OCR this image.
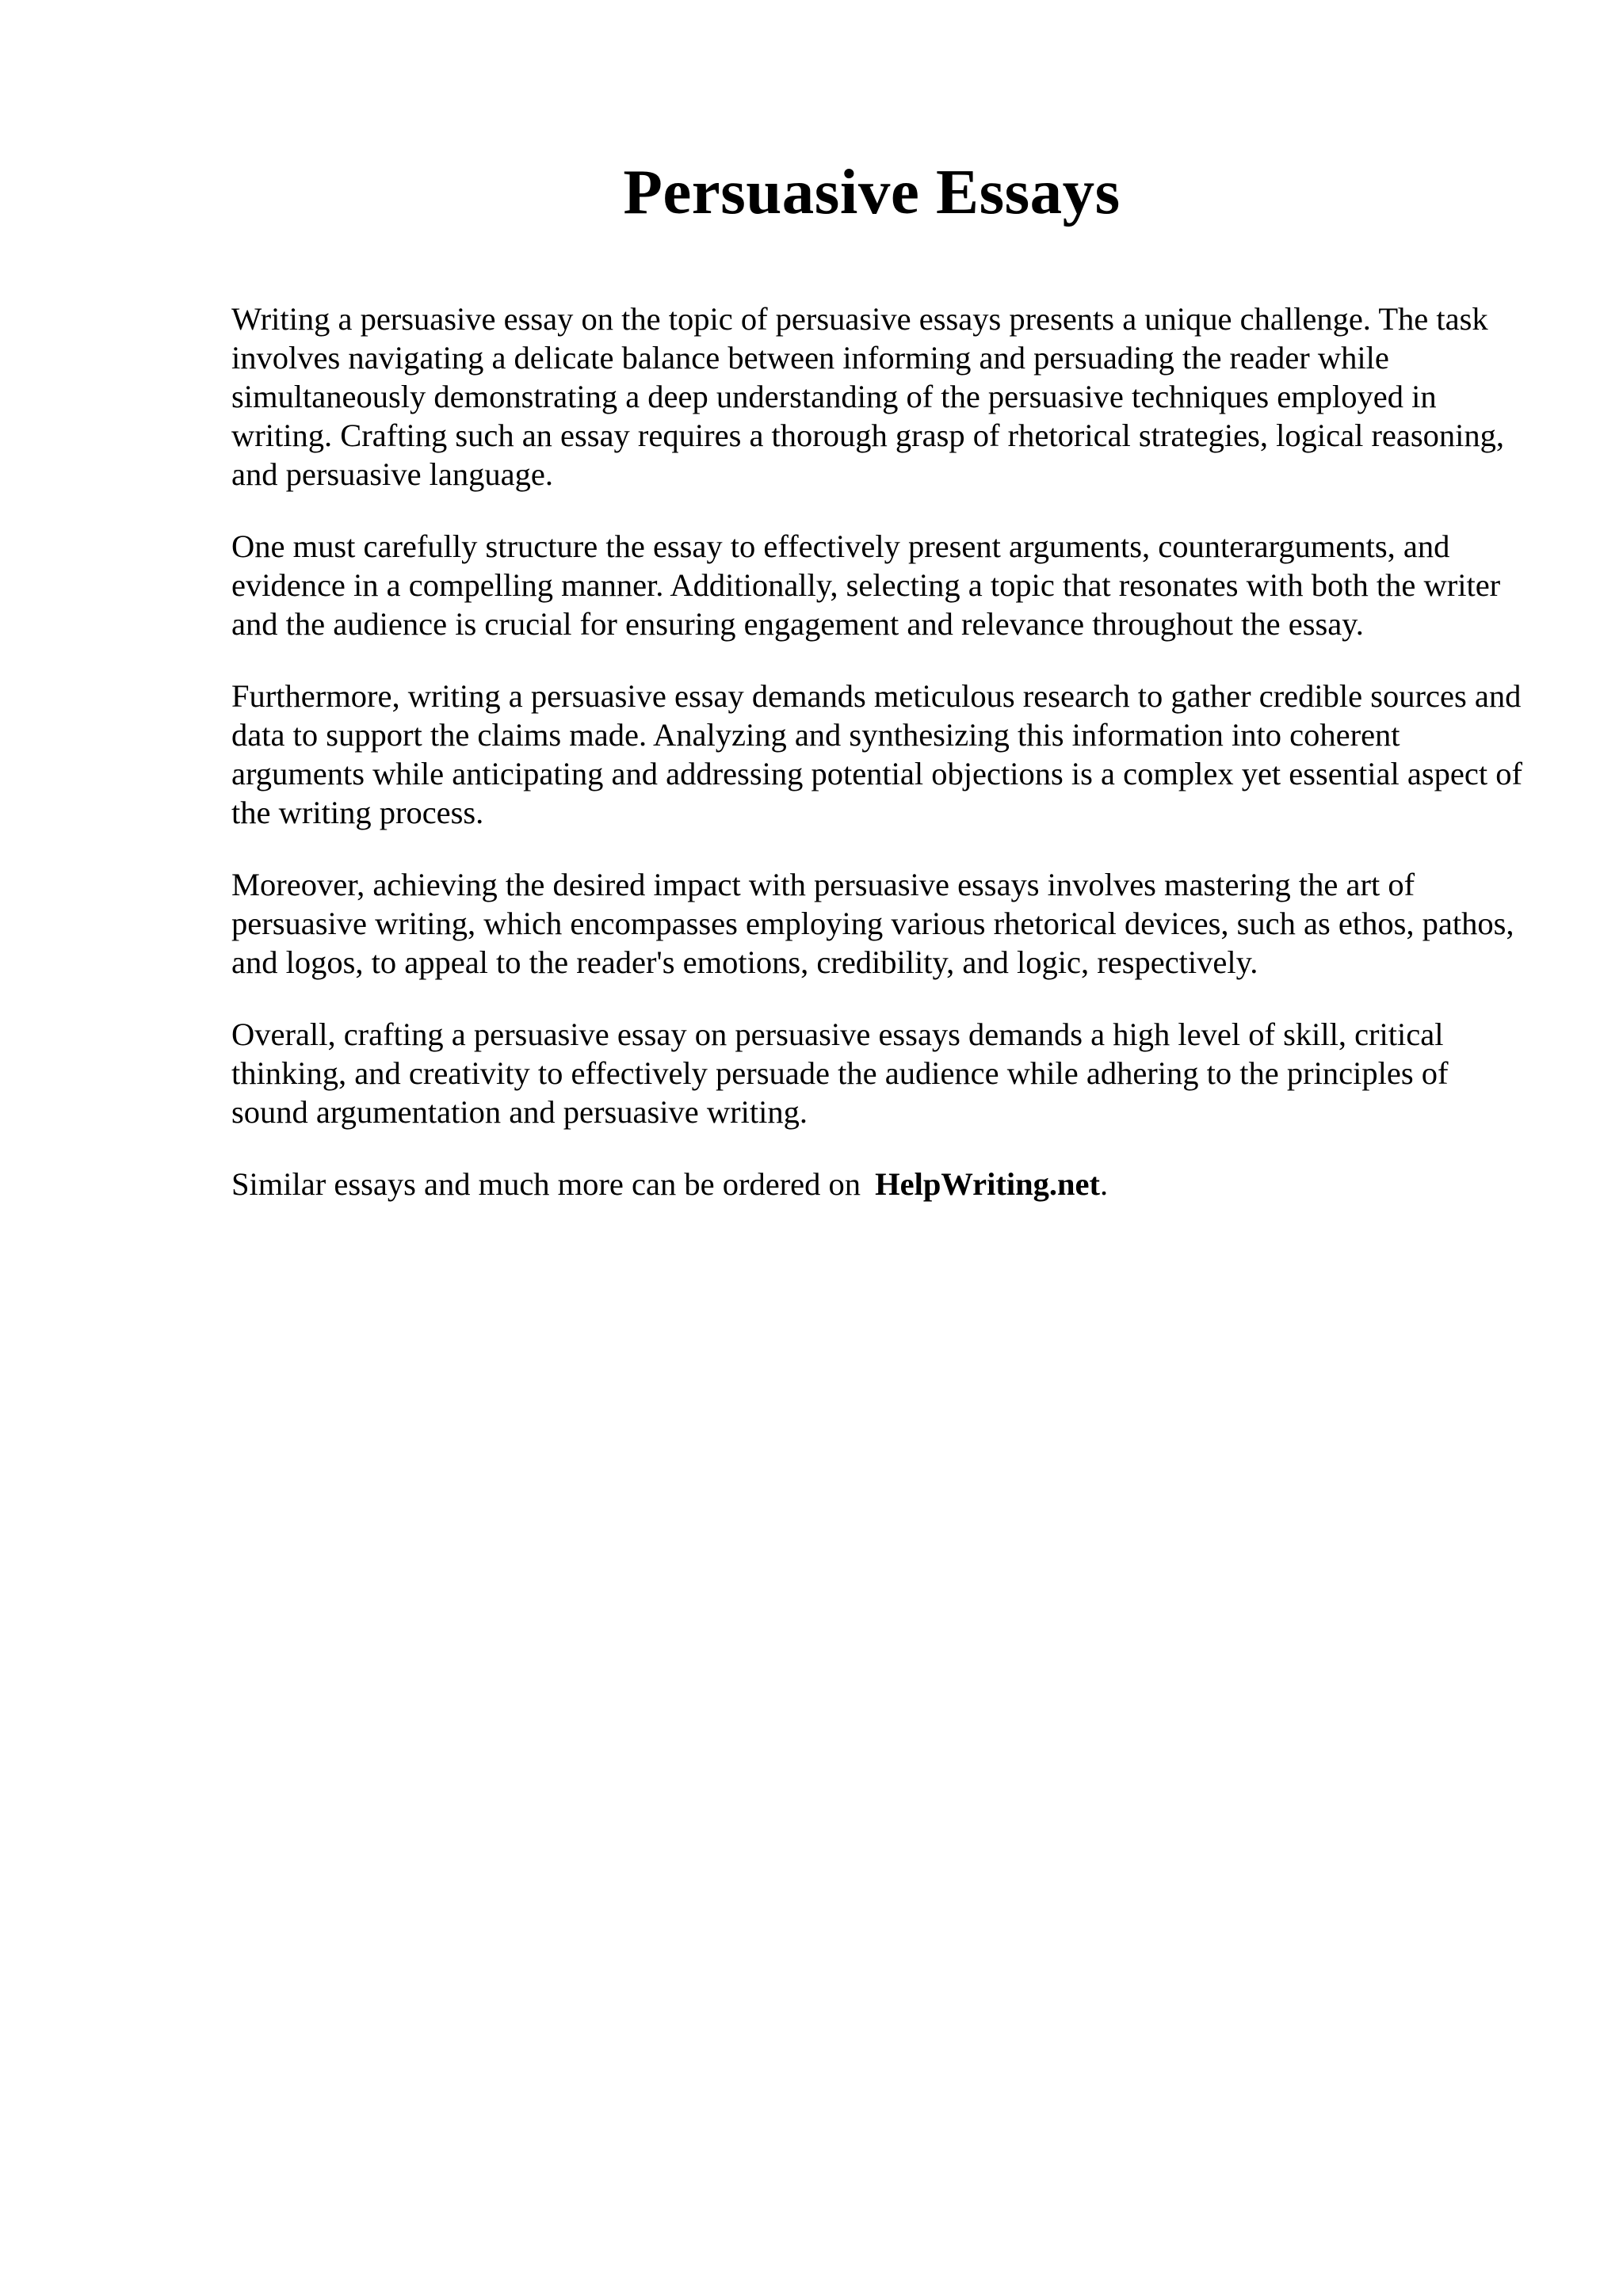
Persuasive Essays

Writing a persuasive essay on the topic of persuasive essays presents a unique challenge. The task involves navigating a delicate balance between informing and persuading the reader while simultaneously demonstrating a deep understanding of the persuasive techniques employed in writing. Crafting such an essay requires a thorough grasp of rhetorical strategies, logical reasoning, and persuasive language.

One must carefully structure the essay to effectively present arguments, counterarguments, and evidence in a compelling manner. Additionally, selecting a topic that resonates with both the writer and the audience is crucial for ensuring engagement and relevance throughout the essay.

Furthermore, writing a persuasive essay demands meticulous research to gather credible sources and data to support the claims made. Analyzing and synthesizing this information into coherent arguments while anticipating and addressing potential objections is a complex yet essential aspect of the writing process.

Moreover, achieving the desired impact with persuasive essays involves mastering the art of persuasive writing, which encompasses employing various rhetorical devices, such as ethos, pathos, and logos, to appeal to the reader's emotions, credibility, and logic, respectively.

Overall, crafting a persuasive essay on persuasive essays demands a high level of skill, critical thinking, and creativity to effectively persuade the audience while adhering to the principles of sound argumentation and persuasive writing.

Similar essays and much more can be ordered on HelpWriting.net.
